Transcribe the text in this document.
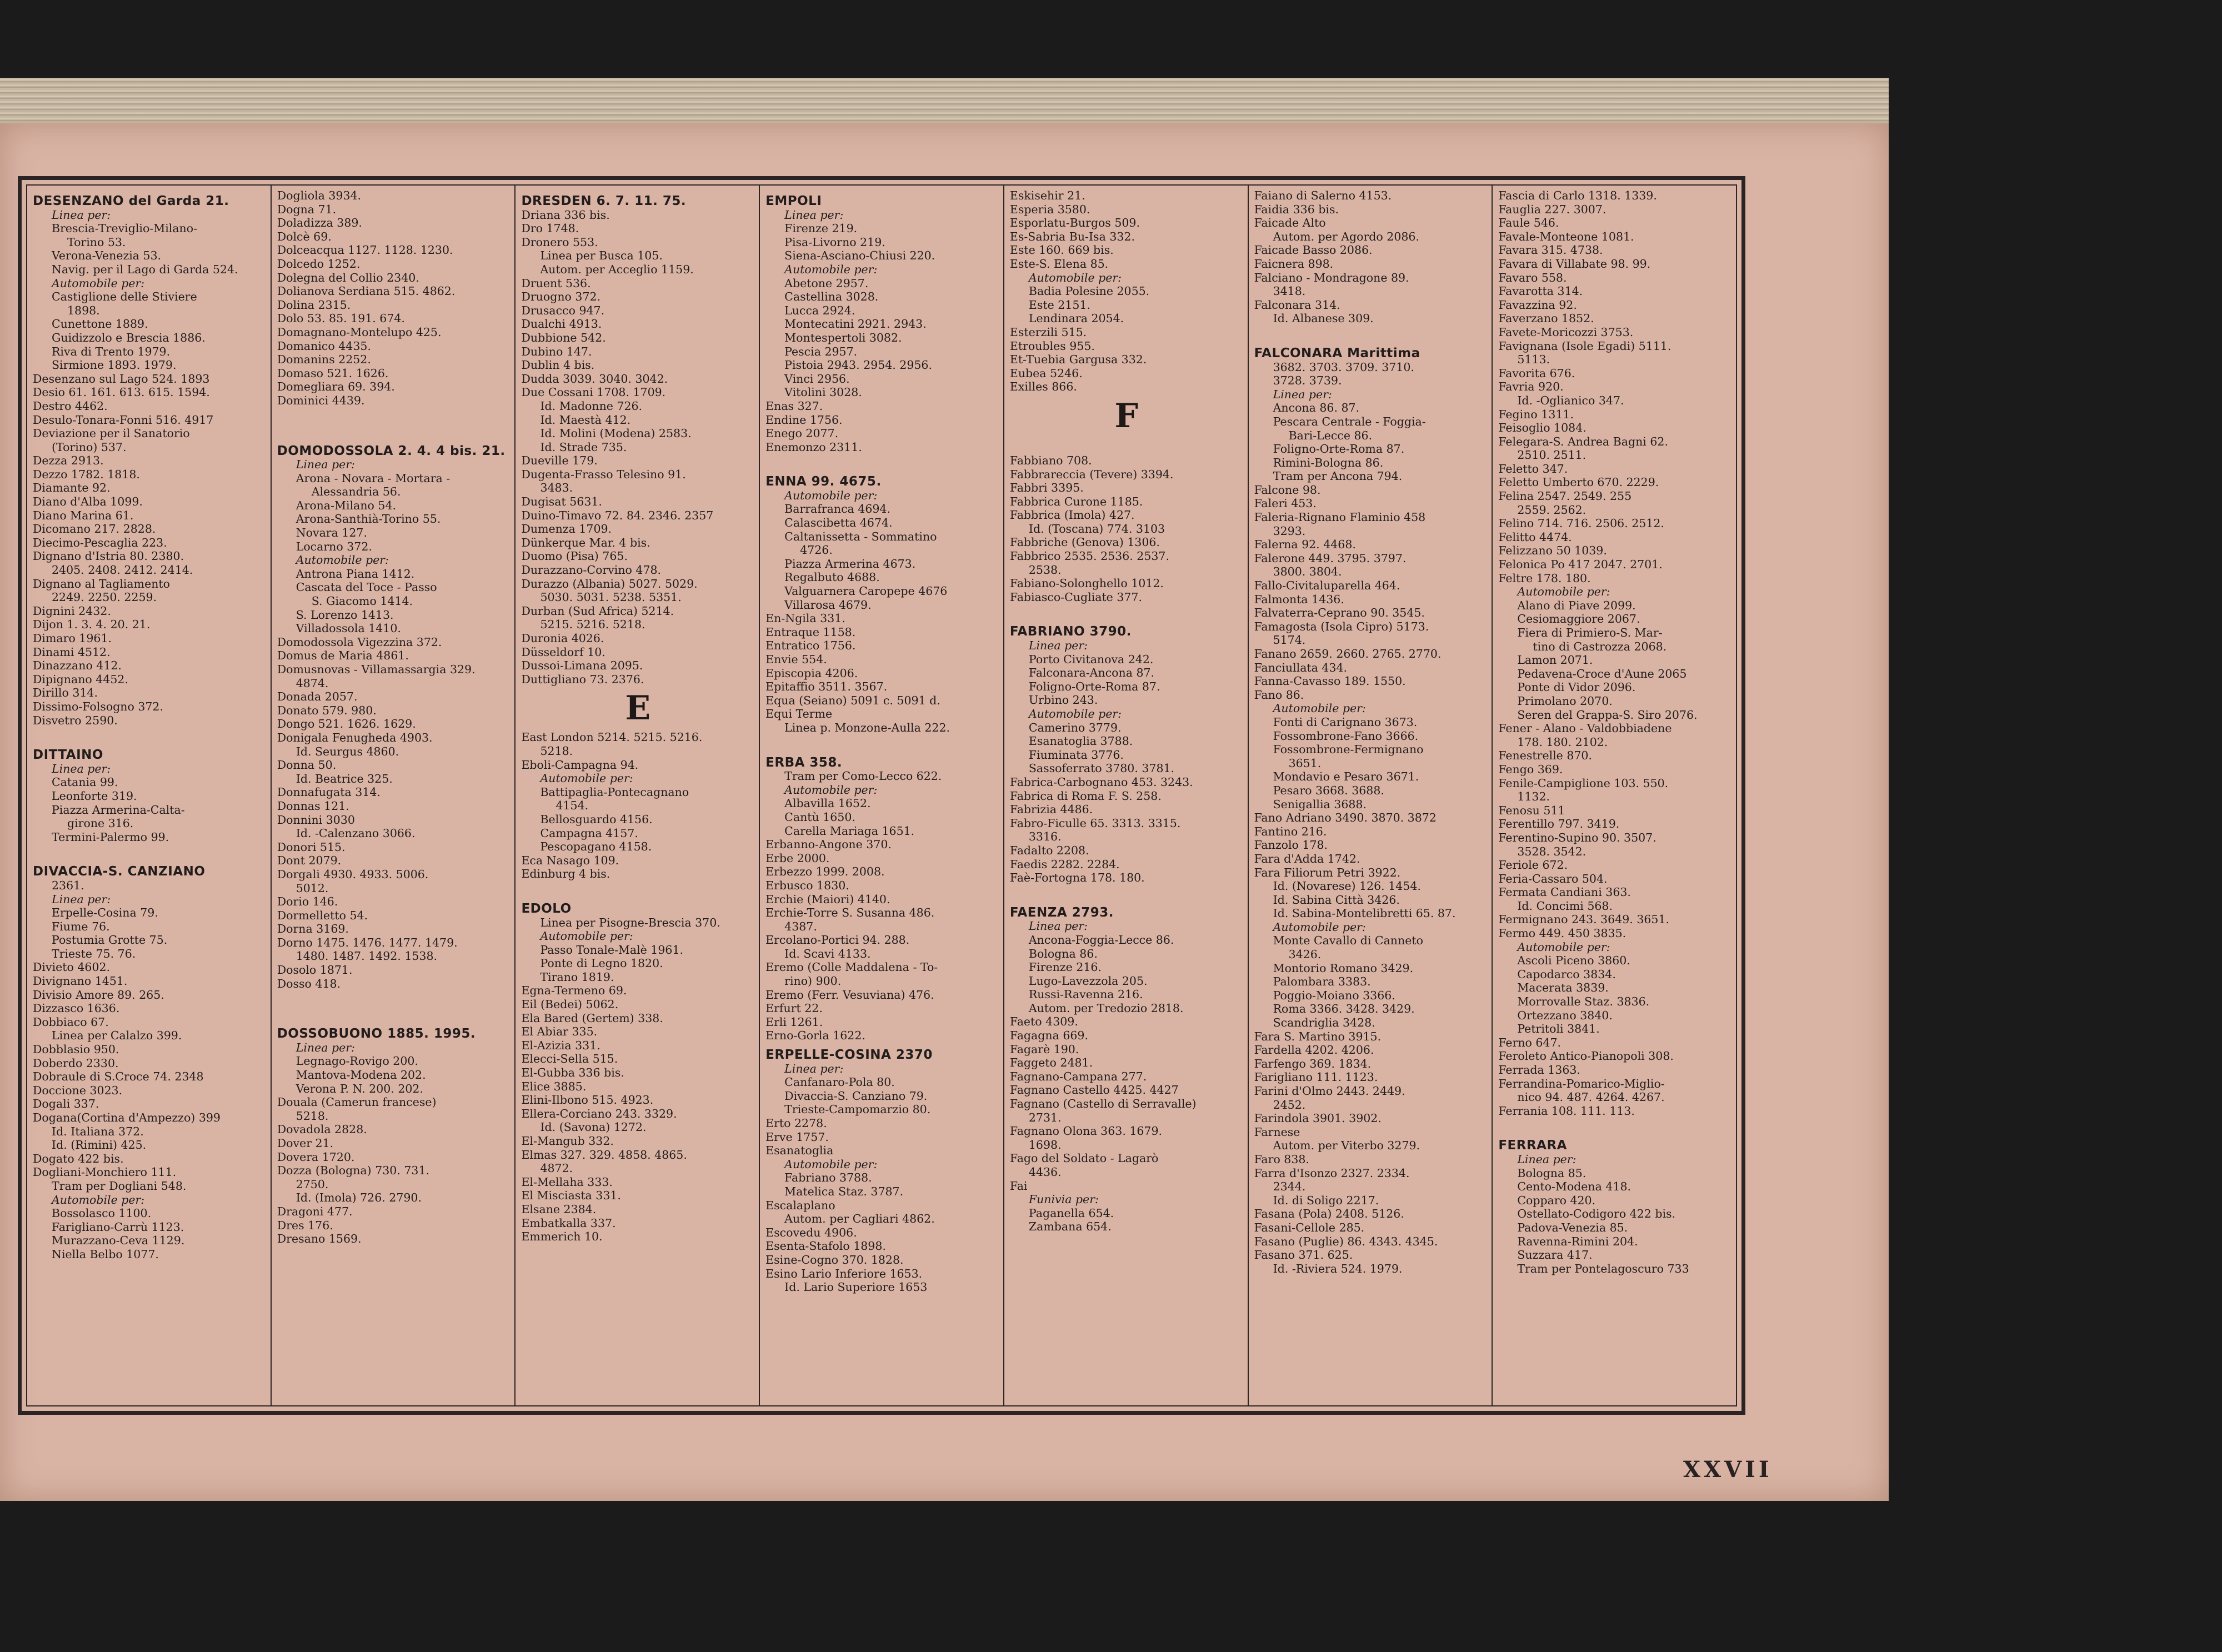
DESENZANO del Garda 21.
Linea per:
Brescia-Treviglio-Milano-
Torino 53.
Verona-Venezia 53.
Navig. per il Lago di Garda 524.
Automobile per:
Castiglione delle Stiviere
1898.
Cunettone 1889.
Guidizzolo e Brescia 1886.
Riva di Trento 1979.
Sirmione 1893. 1979.
Desenzano sul Lago 524. 1893
Desio 61. 161. 613. 615. 1594.
Destro 4462.
Desulo-Tonara-Fonni 516. 4917
Deviazione per il Sanatorio
(Torino) 537.
Dezza 2913.
Dezzo 1782. 1818.
Diamante 92.
Diano d'Alba 1099.
Diano Marina 61.
Dicomano 217. 2828.
Diecimo-Pescaglia 223.
Dignano d'Istria 80. 2380.
2405. 2408. 2412. 2414.
Dignano al Tagliamento
2249. 2250. 2259.
Dignini 2432.
Dijon 1. 3. 4. 20. 21.
Dimaro 1961.
Dinami 4512.
Dinazzano 412.
Dipignano 4452.
Dirillo 314.
Dissimo-Folsogno 372.
Disvetro 2590.
DITTAINO
Linea per:
Catania 99.
Leonforte 319.
Piazza Armerina-Calta-
girone 316.
Termini-Palermo 99.
DIVACCIA-S. CANZIANO
2361.
Linea per:
Erpelle-Cosina 79.
Fiume 76.
Postumia Grotte 75.
Trieste 75. 76.
Divieto 4602.
Divignano 1451.
Divisio Amore 89. 265.
Dizzasco 1636.
Dobbiaco 67.
Linea per Calalzo 399.
Dobblasio 950.
Doberdo 2330.
Dobraule di S.Croce 74. 2348
Doccione 3023.
Dogali 337.
Dogana(Cortina d'Ampezzo) 399
Id. Italiana 372.
Id. (Rimini) 425.
Dogato 422 bis.
Dogliani-Monchiero 111.
Tram per Dogliani 548.
Automobile per:
Bossolasco 1100.
Farigliano-Carrù 1123.
Murazzano-Ceva 1129.
Niella Belbo 1077.
Dogliola 3934.
Dogna 71.
Doladizza 389.
Dolcè 69.
Dolceacqua 1127. 1128. 1230.
Dolcedo 1252.
Dolegna del Collio 2340.
Dolianova Serdiana 515. 4862.
Dolina 2315.
Dolo 53. 85. 191. 674.
Domagnano-Montelupo 425.
Domanico 4435.
Domanins 2252.
Domaso 521. 1626.
Domegliara 69. 394.
Dominici 4439.
DOMODOSSOLA 2. 4. 4 bis. 21.
Linea per:
Arona - Novara - Mortara -
Alessandria 56.
Arona-Milano 54.
Arona-Santhià-Torino 55.
Novara 127.
Locarno 372.
Automobile per:
Antrona Piana 1412.
Cascata del Toce - Passo
S. Giacomo 1414.
S. Lorenzo 1413.
Villadossola 1410.
Domodossola Vigezzina 372.
Domus de Maria 4861.
Domusnovas - Villamassargia 329.
4874.
Donada 2057.
Donato 579. 980.
Dongo 521. 1626. 1629.
Donigala Fenugheda 4903.
Id. Seurgus 4860.
Donna 50.
Id. Beatrice 325.
Donnafugata 314.
Donnas 121.
Donnini 3030
Id. -Calenzano 3066.
Donori 515.
Dont 2079.
Dorgali 4930. 4933. 5006.
5012.
Dorio 146.
Dormelletto 54.
Dorna 3169.
Dorno 1475. 1476. 1477. 1479.
1480. 1487. 1492. 1538.
Dosolo 1871.
Dosso 418.
DOSSOBUONO 1885. 1995.
Linea per:
Legnago-Rovigo 200.
Mantova-Modena 202.
Verona P. N. 200. 202.
Douala (Camerun francese)
5218.
Dovadola 2828.
Dover 21.
Dovera 1720.
Dozza (Bologna) 730. 731.
2750.
Id. (Imola) 726. 2790.
Dragoni 477.
Dres 176.
Dresano 1569.
DRESDEN 6. 7. 11. 75.
Driana 336 bis.
Dro 1748.
Dronero 553.
Linea per Busca 105.
Autom. per Acceglio 1159.
Druent 536.
Druogno 372.
Drusacco 947.
Dualchi 4913.
Dubbione 542.
Dubino 147.
Dublin 4 bis.
Dudda 3039. 3040. 3042.
Due Cossani 1708. 1709.
Id. Madonne 726.
Id. Maestà 412.
Id. Molini (Modena) 2583.
Id. Strade 735.
Dueville 179.
Dugenta-Frasso Telesino 91.
3483.
Dugisat 5631.
Duino-Timavo 72. 84. 2346. 2357
Dumenza 1709.
Dünkerque Mar. 4 bis.
Duomo (Pisa) 765.
Durazzano-Corvino 478.
Durazzo (Albania) 5027. 5029.
5030. 5031. 5238. 5351.
Durban (Sud Africa) 5214.
5215. 5216. 5218.
Duronia 4026.
Düsseldorf 10.
Dussoi-Limana 2095.
Duttigliano 73. 2376.
E
East London 5214. 5215. 5216.
5218.
Eboli-Campagna 94.
Automobile per:
Battipaglia-Pontecagnano
4154.
Bellosguardo 4156.
Campagna 4157.
Pescopagano 4158.
Eca Nasago 109.
Edinburg 4 bis.
EDOLO
Linea per Pisogne-Brescia 370.
Automobile per:
Passo Tonale-Malè 1961.
Ponte di Legno 1820.
Tirano 1819.
Egna-Termeno 69.
Eil (Bedei) 5062.
Ela Bared (Gertem) 338.
El Abiar 335.
El-Azizia 331.
Elecci-Sella 515.
El-Gubba 336 bis.
Elice 3885.
Elini-Ilbono 515. 4923.
Ellera-Corciano 243. 3329.
Id. (Savona) 1272.
El-Mangub 332.
Elmas 327. 329. 4858. 4865.
4872.
El-Mellaha 333.
El Misciasta 331.
Elsane 2384.
Embatkalla 337.
Emmerich 10.
EMPOLI
Linea per:
Firenze 219.
Pisa-Livorno 219.
Siena-Asciano-Chiusi 220.
Automobile per:
Abetone 2957.
Castellina 3028.
Lucca 2924.
Montecatini 2921. 2943.
Montespertoli 3082.
Pescia 2957.
Pistoia 2943. 2954. 2956.
Vinci 2956.
Vitolini 3028.
Enas 327.
Endine 1756.
Enego 2077.
Enemonzo 2311.
ENNA 99. 4675.
Automobile per:
Barrafranca 4694.
Calascibetta 4674.
Caltanissetta - Sommatino
4726.
Piazza Armerina 4673.
Regalbuto 4688.
Valguarnera Caropepe 4676
Villarosa 4679.
En-Ngila 331.
Entraque 1158.
Entratico 1756.
Envie 554.
Episcopia 4206.
Epitaffio 3511. 3567.
Equa (Seiano) 5091 c. 5091 d.
Equi Terme
Linea p. Monzone-Aulla 222.
ERBA 358.
Tram per Como-Lecco 622.
Automobile per:
Albavilla 1652.
Cantù 1650.
Carella Mariaga 1651.
Erbanno-Angone 370.
Erbe 2000.
Erbezzo 1999. 2008.
Erbusco 1830.
Erchie (Maiori) 4140.
Erchie-Torre S. Susanna 486.
4387.
Ercolano-Portici 94. 288.
Id. Scavi 4133.
Eremo (Colle Maddalena - To-
rino) 900.
Eremo (Ferr. Vesuviana) 476.
Erfurt 22.
Erli 1261.
Erno-Gorla 1622.
ERPELLE-COSINA 2370
Linea per:
Canfanaro-Pola 80.
Divaccia-S. Canziano 79.
Trieste-Campomarzio 80.
Erto 2278.
Erve 1757.
Esanatoglia
Automobile per:
Fabriano 3788.
Matelica Staz. 3787.
Escalaplano
Autom. per Cagliari 4862.
Escovedu 4906.
Esenta-Stafolo 1898.
Esine-Cogno 370. 1828.
Esino Lario Inferiore 1653.
Id. Lario Superiore 1653
Eskisehir 21.
Esperia 3580.
Esporlatu-Burgos 509.
Es-Sabria Bu-Isa 332.
Este 160. 669 bis.
Este-S. Elena 85.
Automobile per:
Badia Polesine 2055.
Este 2151.
Lendinara 2054.
Esterzili 515.
Etroubles 955.
Et-Tuebia Gargusa 332.
Eubea 5246.
Exilles 866.
F
Fabbiano 708.
Fabbrareccia (Tevere) 3394.
Fabbri 3395.
Fabbrica Curone 1185.
Fabbrica (Imola) 427.
Id. (Toscana) 774. 3103
Fabbriche (Genova) 1306.
Fabbrico 2535. 2536. 2537.
2538.
Fabiano-Solonghello 1012.
Fabiasco-Cugliate 377.
FABRIANO 3790.
Linea per:
Porto Civitanova 242.
Falconara-Ancona 87.
Foligno-Orte-Roma 87.
Urbino 243.
Automobile per:
Camerino 3779.
Esanatoglia 3788.
Fiuminata 3776.
Sassoferrato 3780. 3781.
Fabrica-Carbognano 453. 3243.
Fabrica di Roma F. S. 258.
Fabrizia 4486.
Fabro-Ficulle 65. 3313. 3315.
3316.
Fadalto 2208.
Faedis 2282. 2284.
Faè-Fortogna 178. 180.
FAENZA 2793.
Linea per:
Ancona-Foggia-Lecce 86.
Bologna 86.
Firenze 216.
Lugo-Lavezzola 205.
Russi-Ravenna 216.
Autom. per Tredozio 2818.
Faeto 4309.
Fagagna 669.
Fagarè 190.
Faggeto 2481.
Fagnano-Campana 277.
Fagnano Castello 4425. 4427
Fagnano (Castello di Serravalle)
2731.
Fagnano Olona 363. 1679.
1698.
Fago del Soldato - Lagarò
4436.
Fai
Funivia per:
Paganella 654.
Zambana 654.
Faiano di Salerno 4153.
Faidia 336 bis.
Faicade Alto
Autom. per Agordo 2086.
Faicade Basso 2086.
Faicnera 898.
Falciano - Mondragone 89.
3418.
Falconara 314.
Id. Albanese 309.
FALCONARA Marittima
3682. 3703. 3709. 3710.
3728. 3739.
Linea per:
Ancona 86. 87.
Pescara Centrale - Foggia-
Bari-Lecce 86.
Foligno-Orte-Roma 87.
Rimini-Bologna 86.
Tram per Ancona 794.
Falcone 98.
Faleri 453.
Faleria-Rignano Flaminio 458
3293.
Falerna 92. 4468.
Falerone 449. 3795. 3797.
3800. 3804.
Fallo-Civitaluparella 464.
Falmonta 1436.
Falvaterra-Ceprano 90. 3545.
Famagosta (Isola Cipro) 5173.
5174.
Fanano 2659. 2660. 2765. 2770.
Fanciullata 434.
Fanna-Cavasso 189. 1550.
Fano 86.
Automobile per:
Fonti di Carignano 3673.
Fossombrone-Fano 3666.
Fossombrone-Fermignano
3651.
Mondavio e Pesaro 3671.
Pesaro 3668. 3688.
Senigallia 3688.
Fano Adriano 3490. 3870. 3872
Fantino 216.
Fanzolo 178.
Fara d'Adda 1742.
Fara Filiorum Petri 3922.
Id. (Novarese) 126. 1454.
Id. Sabina Città 3426.
Id. Sabina-Montelibretti 65. 87.
Automobile per:
Monte Cavallo di Canneto
3426.
Montorio Romano 3429.
Palombara 3383.
Poggio-Moiano 3366.
Roma 3366. 3428. 3429.
Scandriglia 3428.
Fara S. Martino 3915.
Fardella 4202. 4206.
Farfengo 369. 1834.
Farigliano 111. 1123.
Farini d'Olmo 2443. 2449.
2452.
Farindola 3901. 3902.
Farnese
Autom. per Viterbo 3279.
Faro 838.
Farra d'Isonzo 2327. 2334.
2344.
Id. di Soligo 2217.
Fasana (Pola) 2408. 5126.
Fasani-Cellole 285.
Fasano (Puglie) 86. 4343. 4345.
Fasano 371. 625.
Id. -Riviera 524. 1979.
Fascia di Carlo 1318. 1339.
Fauglia 227. 3007.
Faule 546.
Favale-Monteone 1081.
Favara 315. 4738.
Favara di Villabate 98. 99.
Favaro 558.
Favarotta 314.
Favazzina 92.
Faverzano 1852.
Favete-Moricozzi 3753.
Favignana (Isole Egadi) 5111.
5113.
Favorita 676.
Favria 920.
Id. -Oglianico 347.
Fegino 1311.
Feisoglio 1084.
Felegara-S. Andrea Bagni 62.
2510. 2511.
Feletto 347.
Feletto Umberto 670. 2229.
Felina 2547. 2549. 255
2559. 2562.
Felino 714. 716. 2506. 2512.
Felitto 4474.
Felizzano 50 1039.
Felonica Po 417 2047. 2701.
Feltre 178. 180.
Automobile per:
Alano di Piave 2099.
Cesiomaggiore 2067.
Fiera di Primiero-S. Mar-
tino di Castrozza 2068.
Lamon 2071.
Pedavena-Croce d'Aune 2065
Ponte di Vidor 2096.
Primolano 2070.
Seren del Grappa-S. Siro 2076.
Fener - Alano - Valdobbiadene
178. 180. 2102.
Fenestrelle 870.
Fengo 369.
Fenile-Campiglione 103. 550.
1132.
Fenosu 511
Ferentillo 797. 3419.
Ferentino-Supino 90. 3507.
3528. 3542.
Feriole 672.
Feria-Cassaro 504.
Fermata Candiani 363.
Id. Concimi 568.
Fermignano 243. 3649. 3651.
Fermo 449. 450 3835.
Automobile per:
Ascoli Piceno 3860.
Capodarco 3834.
Macerata 3839.
Morrovalle Staz. 3836.
Ortezzano 3840.
Petritoli 3841.
Ferno 647.
Feroleto Antico-Pianopoli 308.
Ferrada 1363.
Ferrandina-Pomarico-Miglio-
nico 94. 487. 4264. 4267.
Ferrania 108. 111. 113.
FERRARA
Linea per:
Bologna 85.
Cento-Modena 418.
Copparo 420.
Ostellato-Codigoro 422 bis.
Padova-Venezia 85.
Ravenna-Rimini 204.
Suzzara 417.
Tram per Pontelagoscuro 733
XXVII
